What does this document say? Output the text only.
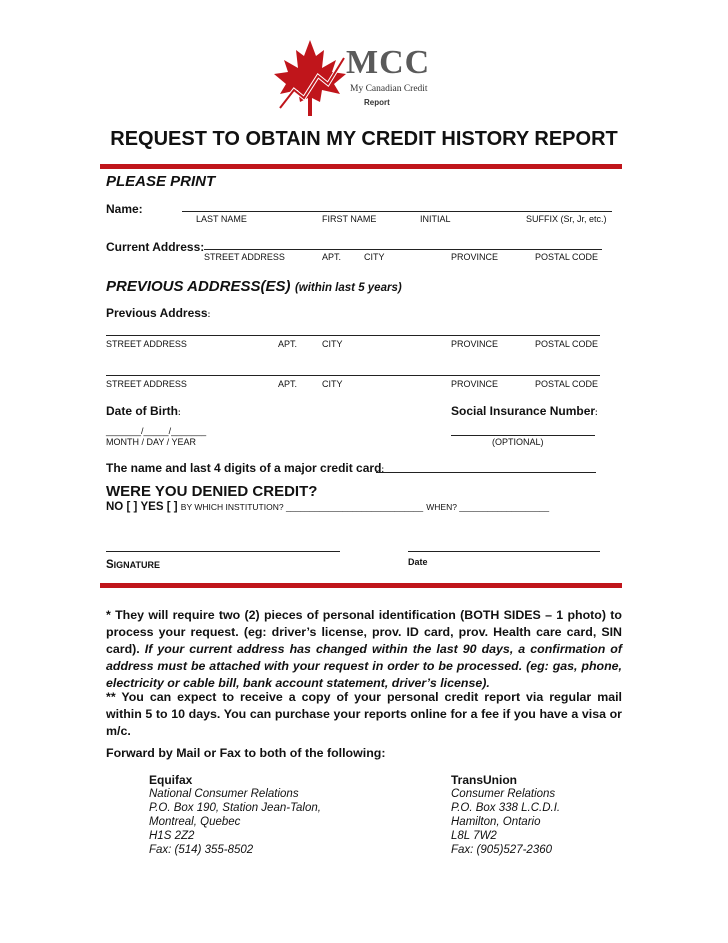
MCC
My Canadian Credit
Report
REQUEST TO OBTAIN MY CREDIT HISTORY REPORT
PLEASE PRINT
Name:
LAST NAME	FIRST NAME	INITIAL	SUFFIX (Sr, Jr, etc.)
Current Address:
STREET ADDRESS	APT.	CITY	PROVINCE	POSTAL CODE
PREVIOUS ADDRESS(ES) (within last 5 years)
Previous Address:
STREET ADDRESS	APT.	CITY	PROVINCE	POSTAL CODE
STREET ADDRESS	APT.	CITY	PROVINCE	POSTAL CODE
Date of Birth:	Social Insurance Number:
_______/_____/_______
MONTH / DAY / YEAR	(OPTIONAL)
The name and last 4 digits of a major credit card:
WERE YOU DENIED CREDIT?
NO [ ] YES [ ] BY WHICH INSTITUTION? _____________________________ WHEN? ___________________
SIGNATURE	Date
* They will require two (2) pieces of personal identification (BOTH SIDES – 1 photo) to process your request. (eg: driver’s license, prov. ID card, prov. Health care card, SIN card). If your current address has changed within the last 90 days, a confirmation of address must be attached with your request in order to be processed. (eg: gas, phone, electricity or cable bill, bank account statement, driver’s license).
** You can expect to receive a copy of your personal credit report via regular mail within 5 to 10 days. You can purchase your reports online for a fee if you have a visa or m/c.
Forward by Mail or Fax to both of the following:
Equifax
National Consumer Relations
P.O. Box 190, Station Jean-Talon,
Montreal, Quebec
H1S 2Z2
Fax: (514) 355-8502
TransUnion
Consumer Relations
P.O. Box 338 L.C.D.I.
Hamilton, Ontario
L8L 7W2
Fax: (905)527-2360
